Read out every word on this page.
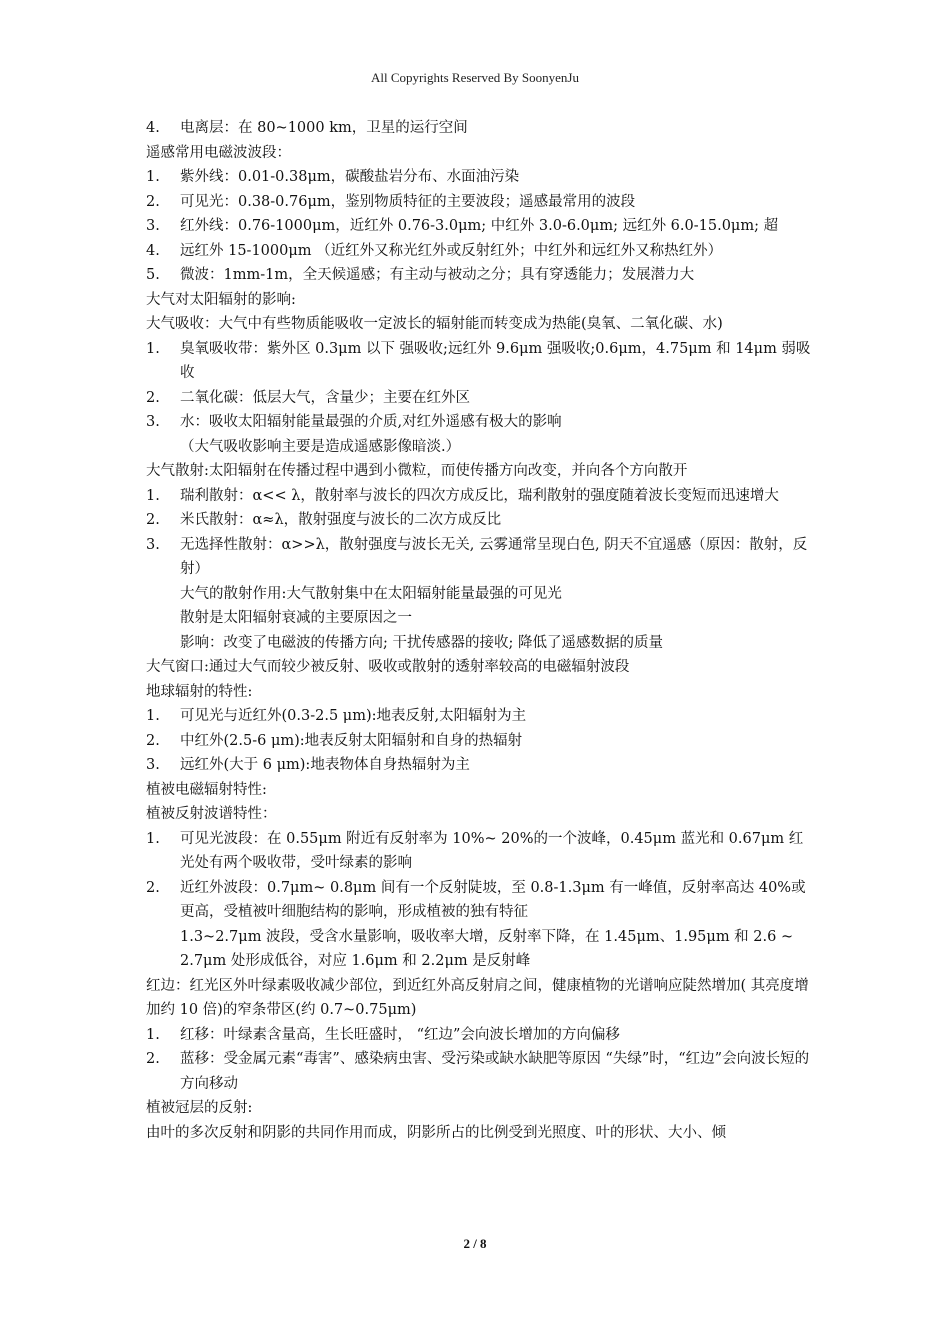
All Copyrights Reserved By SoonyenJu
4.	电离层：在 80~1000 km，卫星的运行空间
遥感常用电磁波波段：
1.	紫外线：0.01-0.38μm，碳酸盐岩分布、水面油污染
2.	可见光：0.38-0.76μm，鉴别物质特征的主要波段；遥感最常用的波段
3.	红外线：0.76-1000μm，近红外 0.76-3.0μm; 中红外 3.0-6.0μm; 远红外 6.0-15.0μm; 超
4.	远红外 15-1000μm （近红外又称光红外或反射红外；中红外和远红外又称热红外）
5.	微波：1mm-1m，全天候遥感；有主动与被动之分；具有穿透能力；发展潜力大
大气对太阳辐射的影响:
大气吸收：大气中有些物质能吸收一定波长的辐射能而转变成为热能(臭氧、二氧化碳、水)
1.	臭氧吸收带：紫外区 0.3μm 以下 强吸收;远红外 9.6μm 强吸收;0.6μm，4.75μm 和 14μm 弱吸收
2.	二氧化碳：低层大气，含量少；主要在红外区
3.	水：吸收太阳辐射能量最强的介质,对红外遥感有极大的影响
（大气吸收影响主要是造成遥感影像暗淡.）
大气散射:太阳辐射在传播过程中遇到小微粒，而使传播方向改变，并向各个方向散开
1.	瑞利散射：α<< λ，散射率与波长的四次方成反比，瑞利散射的强度随着波长变短而迅速增大
2.	米氏散射：α≈λ，散射强度与波长的二次方成反比
3.	无选择性散射：α>>λ，散射强度与波长无关, 云雾通常呈现白色, 阴天不宜遥感（原因：散射，反射）
大气的散射作用:大气散射集中在太阳辐射能量最强的可见光
散射是太阳辐射衰减的主要原因之一
影响：改变了电磁波的传播方向; 干扰传感器的接收; 降低了遥感数据的质量
大气窗口:通过大气而较少被反射、吸收或散射的透射率较高的电磁辐射波段
地球辐射的特性:
1.	可见光与近红外(0.3-2.5 μm):地表反射,太阳辐射为主
2.	中红外(2.5-6 μm):地表反射太阳辐射和自身的热辐射
3.	远红外(大于 6 μm):地表物体自身热辐射为主
植被电磁辐射特性:
植被反射波谱特性：
1.	可见光波段：在 0.55μm 附近有反射率为 10%~ 20%的一个波峰，0.45μm 蓝光和 0.67μm 红光处有两个吸收带，受叶绿素的影响
2.	近红外波段：0.7μm~ 0.8μm 间有一个反射陡坡，至 0.8-1.3μm 有一峰值，反射率高达 40%或更高，受植被叶细胞结构的影响，形成植被的独有特征
1.3~2.7μm 波段，受含水量影响，吸收率大增，反射率下降，在 1.45μm、1.95μm 和 2.6 ~ 2.7μm 处形成低谷，对应 1.6μm 和 2.2μm 是反射峰
红边：红光区外叶绿素吸收减少部位，到近红外高反射肩之间，健康植物的光谱响应陡然增加( 其亮度增加约 10 倍)的窄条带区(约 0.7~0.75μm)
1.	红移：叶绿素含量高，生长旺盛时， “红边”会向波长增加的方向偏移
2.	蓝移：受金属元素“毒害”、感染病虫害、受污染或缺水缺肥等原因 “失绿”时，“红边”会向波长短的方向移动
植被冠层的反射:
由叶的多次反射和阴影的共同作用而成，阴影所占的比例受到光照度、叶的形状、大小、倾
2 / 8
